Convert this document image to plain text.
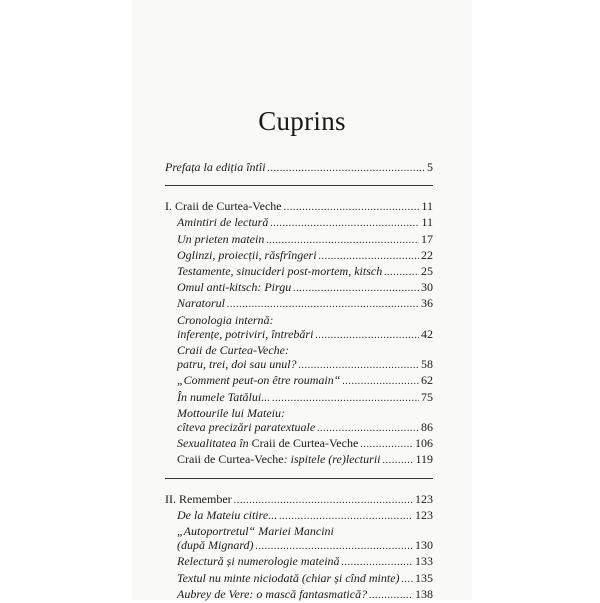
Cuprins
Prefața la ediția întîi .....	5
I. Craii de Curtea-Veche .....	11
Amintiri de lectură .....	11
Un prieten matein .....	17
Oglinzi, proiecții, răsfrîngeri .....	22
Testamente, sinucideri post-mortem, kitsch .....	25
Omul anti-kitsch: Pirgu .....	30
Naratorul .....	36
Cronologia internă:
inferențe, potriviri, întrebări .....	42
Craii de Curtea-Veche:
patru, trei, doi sau unul? .....	58
„Comment peut-on être roumain“ .....	62
În numele Tatălui... .....	75
Mottourile lui Mateiu:
cîteva precizări paratextuale .....	86
Sexualitatea în Craii de Curtea-Veche .....	106
Craii de Curtea-Veche: ispitele (re)lecturii .....	119
II. Remember .....	123
De la Mateiu citire... .....	123
„Autoportretul“ Mariei Mancini
(după Mignard) .....	130
Relectură și numerologie mateină .....	133
Textul nu minte niciodată (chiar și cînd minte) ..... 135
Aubrey de Vere: o mască fantasmatică? .....	138
